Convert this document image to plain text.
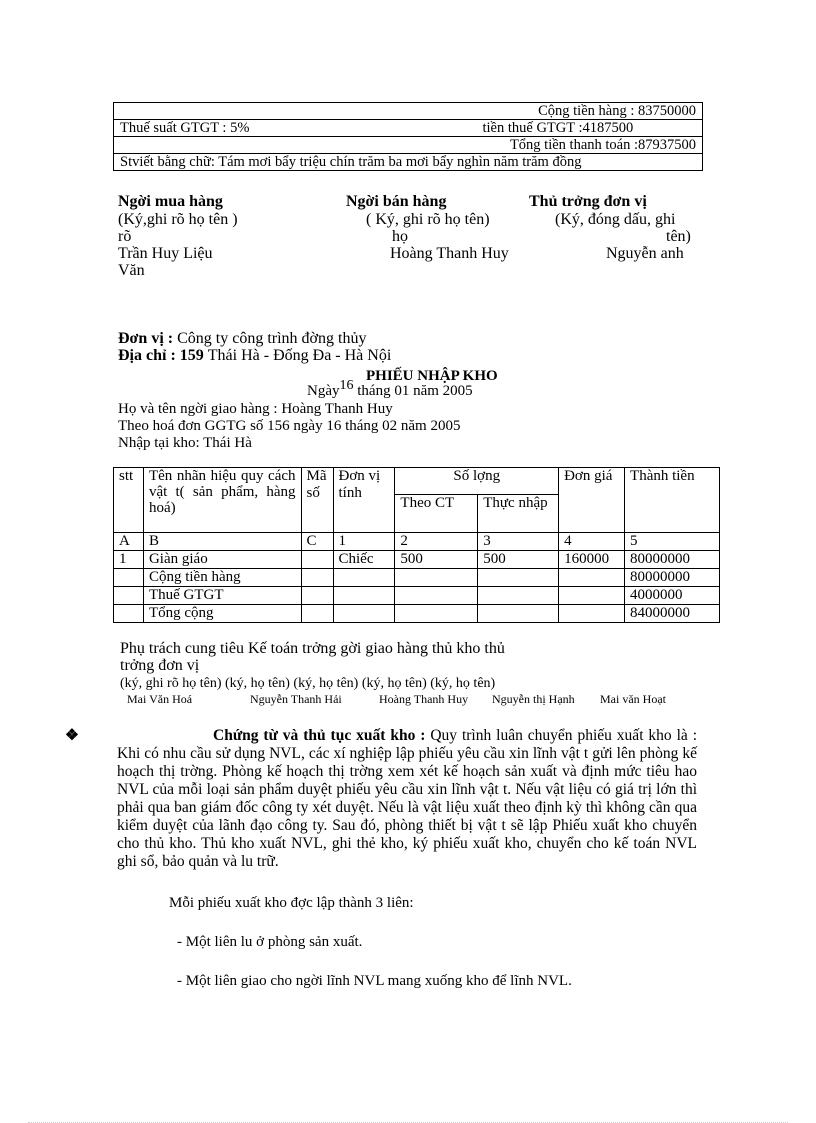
Cộng tiền hàng : 83750000
Thuế suất GTGT : 5%	tiền thuế GTGT :4187500

Tổng tiền thanh toán :87937500
Stviết bằng chữ: Tám mơi bẩy triệu chín trăm ba mơi bẩy nghìn năm trăm đồng
Ngời mua hàng	Ngời bán hàng	Thủ trởng đơn vị
(Ký,ghi rõ họ tên )	( Ký, ghi rõ họ tên)	(Ký, đóng dấu, ghi
rõ	họ	tên)
Trần Huy Liệu	Hoàng Thanh Huy	Nguyễn anh
Văn
Đơn vị : Công ty công trình đờng thủy
Địa chỉ : 159 Thái Hà - Đống Đa - Hà Nội
PHIẾU NHẬP KHO
Ngày16 tháng 01 năm 2005
Họ và tên ngời giao hàng : Hoàng Thanh Huy
Theo hoá đơn GGTG số 156 ngày 16 tháng 02 năm 2005
Nhập tại kho: Thái Hà
stt	Tên nhãn hiệu quy cách vật t( sản phẩm, hàng hoá)	Mã số	Đơn vị tính	Số lợng		Đơn giá	Thành tiền
				Theo CT	Thực nhập		
A	B	C	1	2	3	4	5
1	Giàn giáo		Chiếc	500	500	160000	80000000
	Cộng tiền hàng						80000000
	Thuế GTGT						4000000
	Tổng cộng						84000000
Phụ trách cung tiêu Kế toán trởng gời giao hàng thủ kho thủ
trởng đơn vị
(ký, ghi rõ họ tên) (ký, họ tên) (ký, họ tên) (ký, họ tên) (ký, họ tên)
Mai Văn Hoá	Nguyễn Thanh Hải	Hoàng Thanh Huy Nguyễn thị Hạnh Mai văn Hoạt
❖	Chứng từ và thủ tục xuất kho : Quy trình luân chuyển phiếu xuất kho là : Khi có nhu cầu sử dụng NVL, các xí nghiệp lập phiếu yêu cầu xin lĩnh vật t gửi lên phòng kế hoạch thị trờng. Phòng kế hoạch thị trờng xem xét kế hoạch sản xuất và định mức tiêu hao NVL của mỗi loại sản phẩm duyệt phiếu yêu cầu xin lĩnh vật t. Nếu vật liệu có giá trị lớn thì phải qua ban giám đốc công ty xét duyệt. Nếu là vật liệu xuất theo định kỳ thì không cần qua kiểm duyệt của lãnh đạo công ty. Sau đó, phòng thiết bị vật t sẽ lập Phiếu xuất kho chuyển cho thủ kho. Thủ kho xuất NVL, ghi thẻ kho, ký phiếu xuất kho, chuyển cho kế toán NVL ghi sổ, bảo quản và lu trữ.
Mỗi phiếu xuất kho đợc lập thành 3 liên:
- Một liên lu ở phòng sản xuất.
- Một liên giao cho ngời lĩnh NVL mang xuống kho để lĩnh NVL.
